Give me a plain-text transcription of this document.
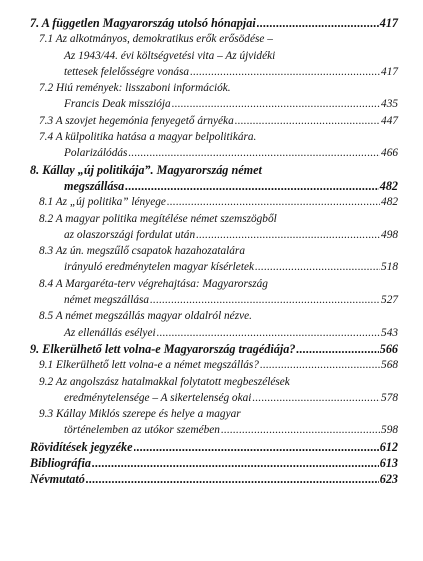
7. A független Magyarország utolsó hónapjai .....	417
7.1 Az alkotmányos, demokratikus erők erősödése –
Az 1943/44. évi költségvetési vita – Az újvidéki
tettesek felelősségre vonása .....	417
7.2 Hiú remények: lisszaboni információk.
Francis Deak missziója .....	435
7.3 A szovjet hegemónia fenyegető árnyéka .....	447
7.4 A külpolitika hatása a magyar belpolitikára.
Polarizálódás .....	466
8. Kállay „új politikája”. Magyarország német
megszállása .....	482
8.1 Az „új politika” lényege .....	482
8.2 A magyar politika megítélése német szemszögből
az olaszországi fordulat után .....	498
8.3 Az ún. megszűlő csapatok hazahozatalára
irányuló eredménytelen magyar kísérletek .....	518
8.4 A Margaréta-terv végrehajtása: Magyarország
német megszállása .....	527
8.5 A német megszállás magyar oldalról nézve.
Az ellenállás esélyei .....	543
9. Elkerülhető lett volna-e Magyarország tragédiája? .....	566
9.1 Elkerülhető lett volna-e a német megszállás? .....	568
9.2 Az angolszász hatalmakkal folytatott megbeszélések
eredménytelensége – A sikertelenség okai .....	578
9.3 Kállay Miklós szerepe és helye a magyar
történelemben az utókor szemében .....	598
Rövidítések jegyzéke .....	612
Bibliográfia .....	613
Névmutató .....	623
